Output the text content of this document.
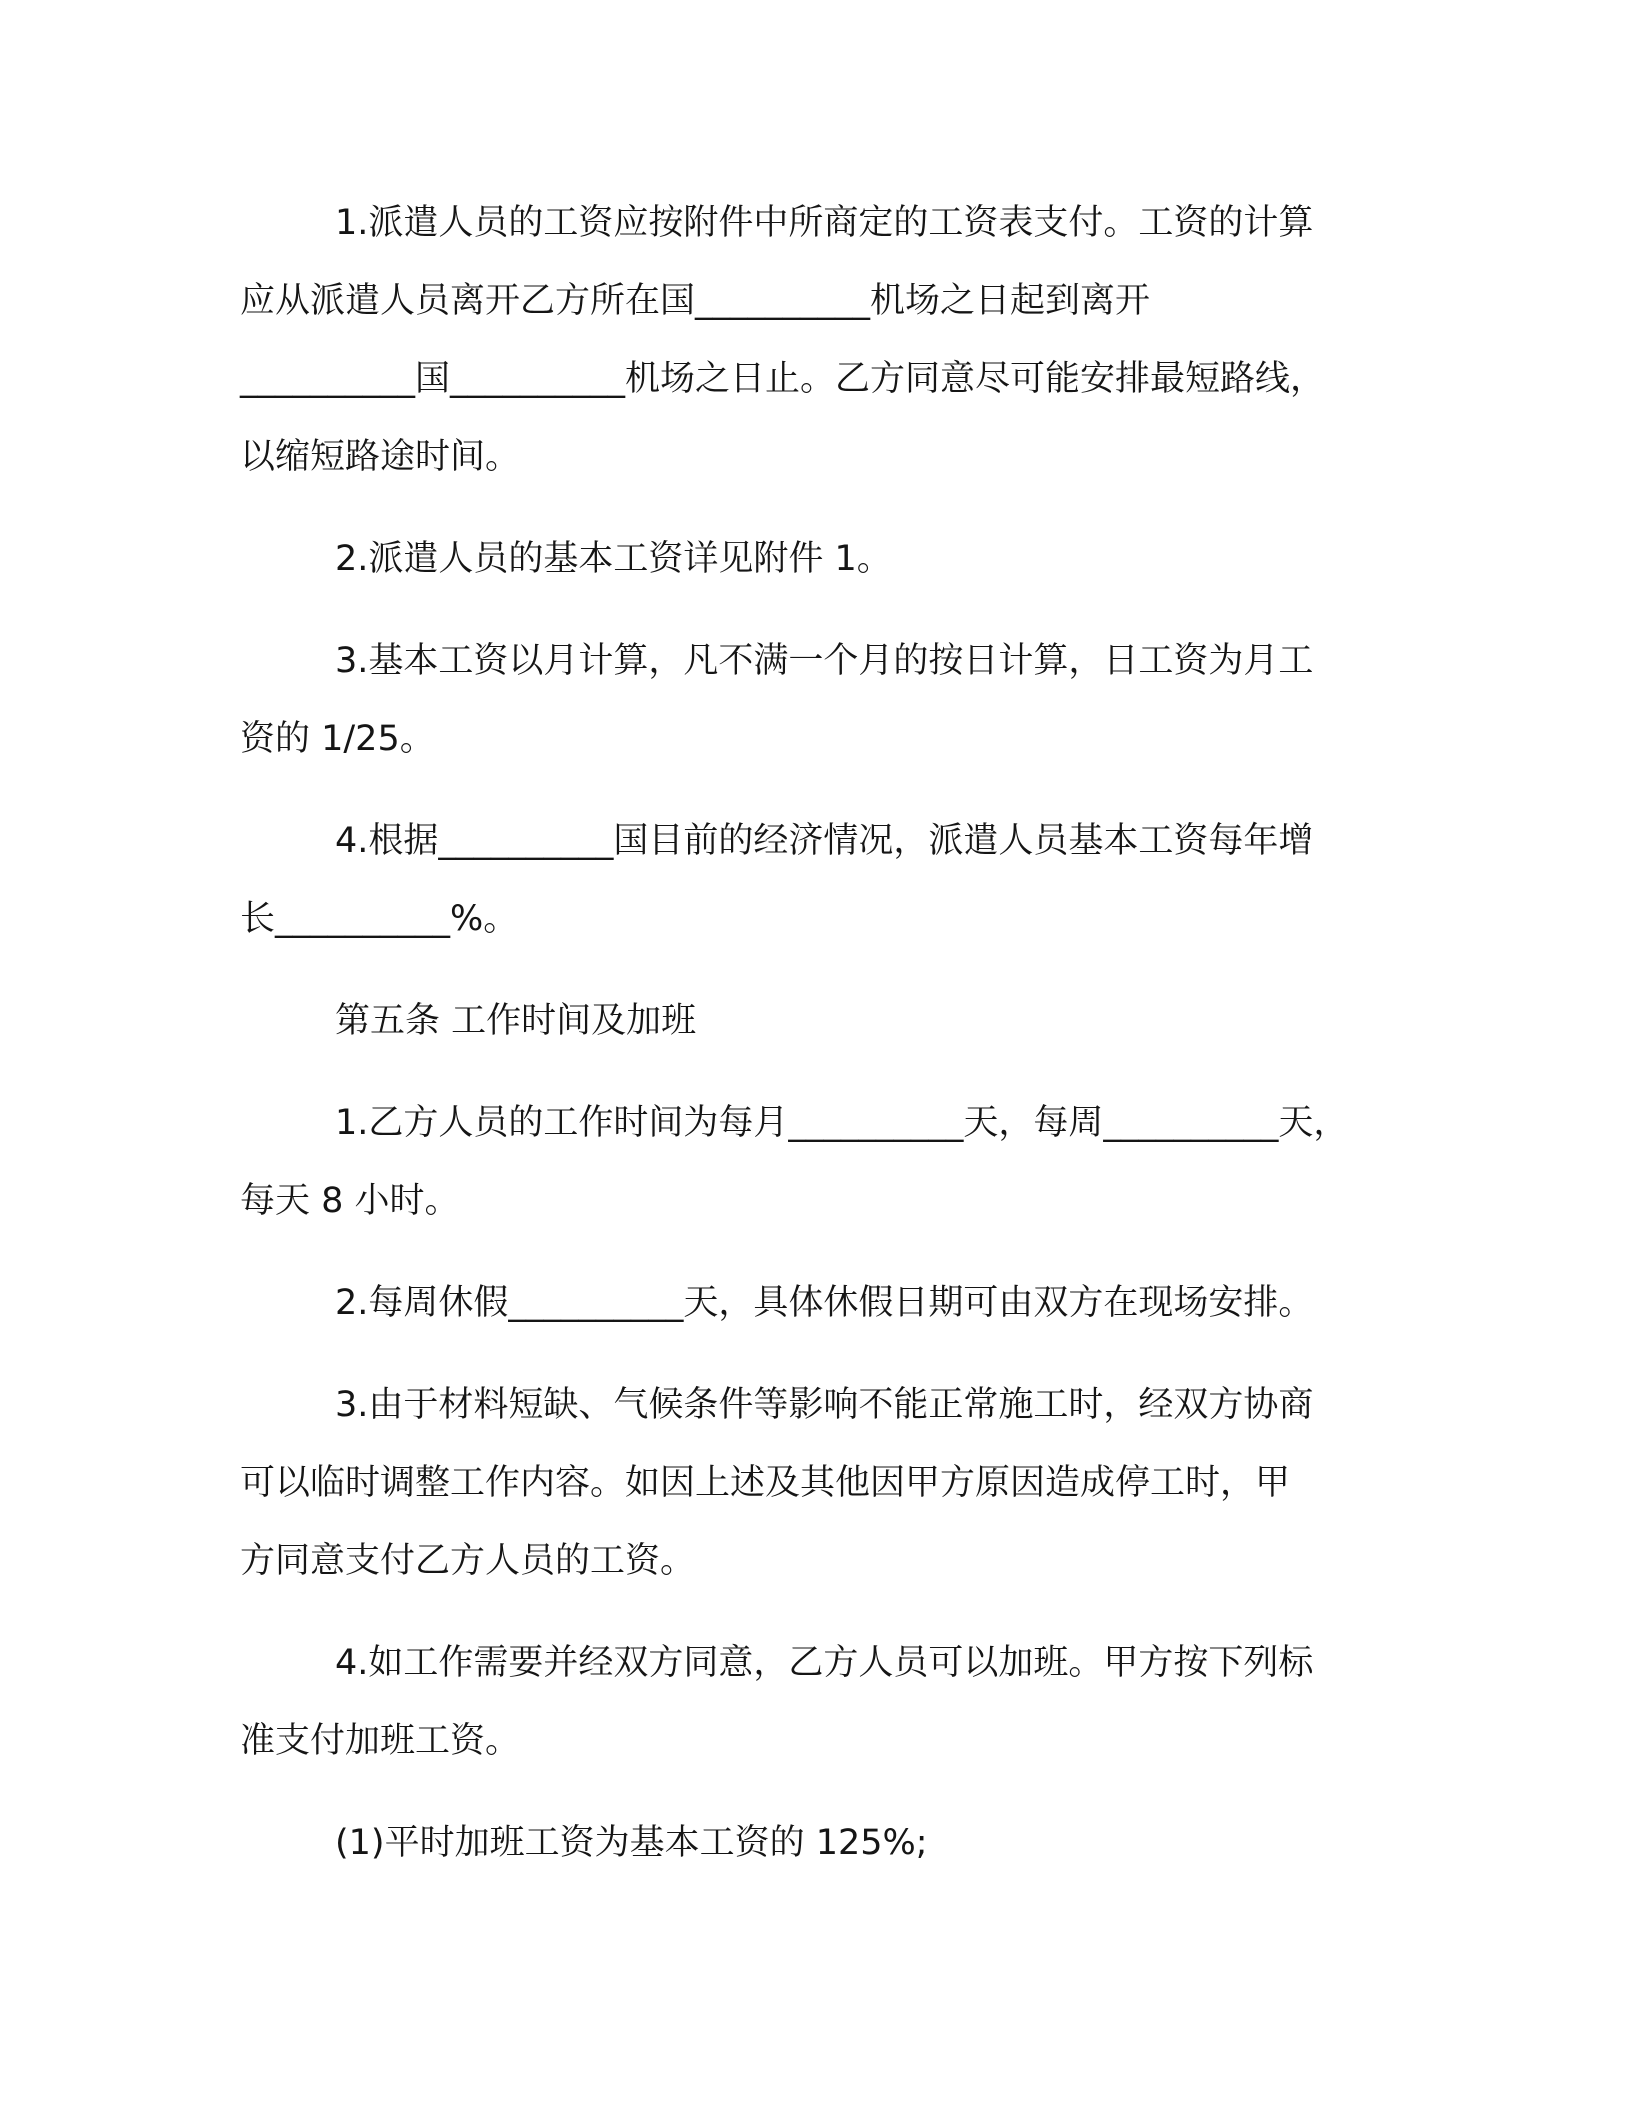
1.派遣人员的工资应按附件中所商定的工资表支付。工资的计算
应从派遣人员离开乙方所在国__________机场之日起到离开
__________国__________机场之日止。乙方同意尽可能安排最短路线，
以缩短路途时间。

2.派遣人员的基本工资详见附件 1。

3.基本工资以月计算，凡不满一个月的按日计算，日工资为月工
资的 1/25。

4.根据__________国目前的经济情况，派遣人员基本工资每年增
长__________%。

第五条 工作时间及加班

1.乙方人员的工作时间为每月__________天，每周__________天，
每天 8 小时。

2.每周休假__________天，具体休假日期可由双方在现场安排。

3.由于材料短缺、气候条件等影响不能正常施工时，经双方协商
可以临时调整工作内容。如因上述及其他因甲方原因造成停工时，甲
方同意支付乙方人员的工资。

4.如工作需要并经双方同意，乙方人员可以加班。甲方按下列标
准支付加班工资。

(1)平时加班工资为基本工资的 125%;
